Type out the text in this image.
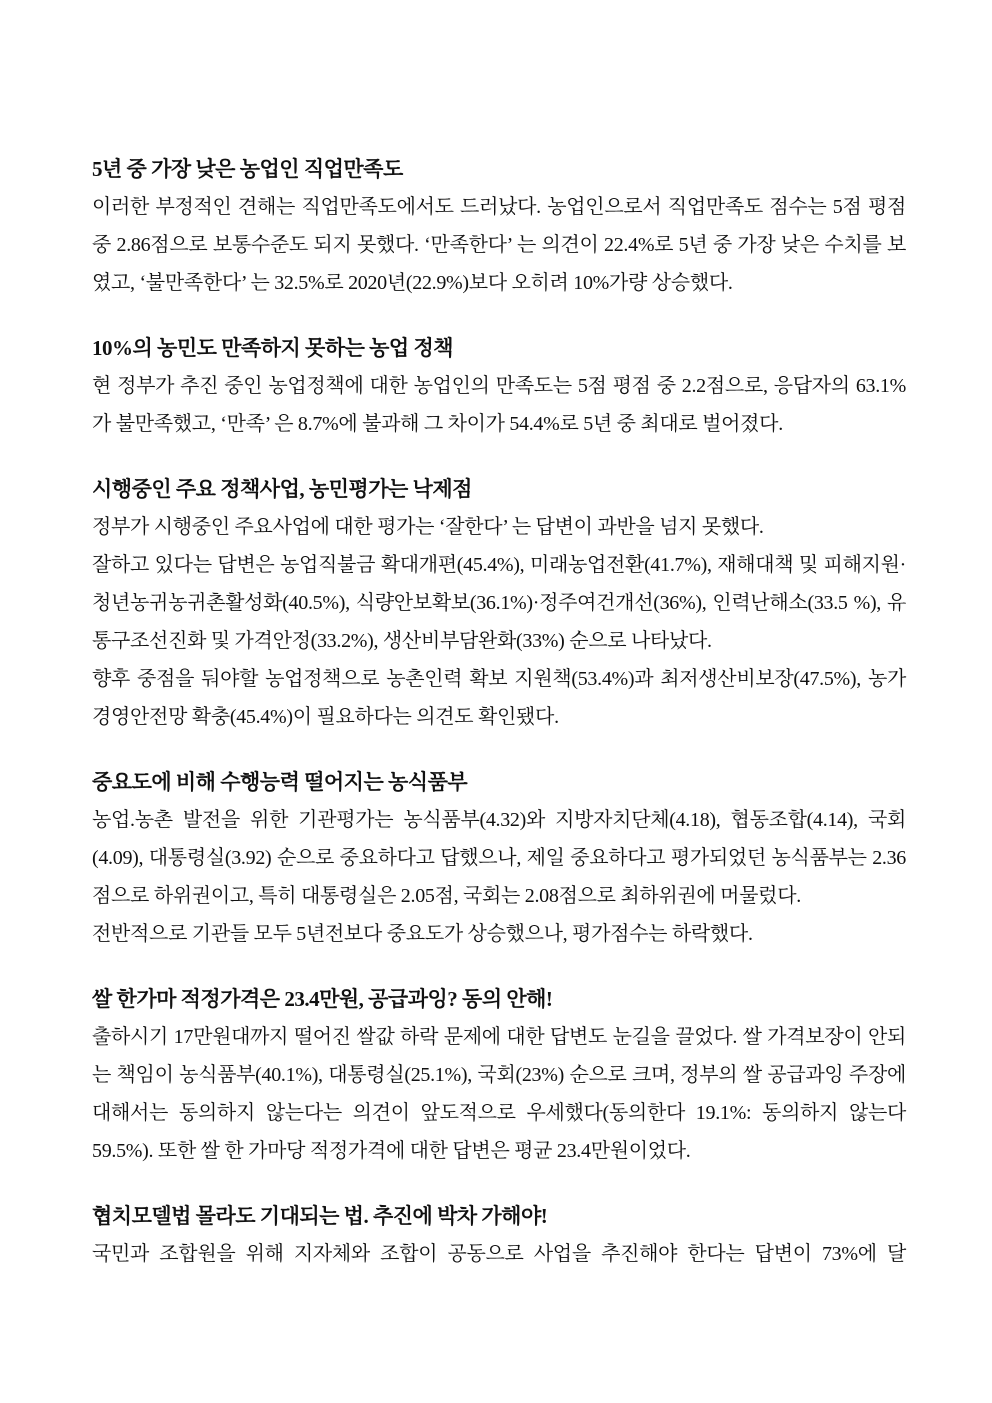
5년 중 가장 낮은 농업인 직업만족도

이러한 부정적인 견해는 직업만족도에서도 드러났다. 농업인으로서 직업만족도 점수는 5점 평점 중 2.86점으로 보통수준도 되지 못했다. ‘만족한다’ 는 의견이 22.4%로 5년 중 가장 낮은 수치를 보였고, ‘불만족한다’ 는 32.5%로 2020년(22.9%)보다 오히려 10%가량 상승했다.

10%의 농민도 만족하지 못하는 농업 정책

현 정부가 추진 중인 농업정책에 대한 농업인의 만족도는 5점 평점 중 2.2점으로, 응답자의 63.1%가 불만족했고, ‘만족’ 은 8.7%에 불과해 그 차이가 54.4%로 5년 중 최대로 벌어졌다.

시행중인 주요 정책사업, 농민평가는 낙제점

정부가 시행중인 주요사업에 대한 평가는 ‘잘한다’ 는 답변이 과반을 넘지 못했다.

잘하고 있다는 답변은 농업직불금 확대개편(45.4%), 미래농업전환(41.7%), 재해대책 및 피해지원·청년농귀농귀촌활성화(40.5%), 식량안보확보(36.1%)·정주여건개선(36%), 인력난해소(33.5 %), 유통구조선진화 및 가격안정(33.2%), 생산비부담완화(33%) 순으로 나타났다.

향후 중점을 둬야할 농업정책으로 농촌인력 확보 지원책(53.4%)과 최저생산비보장(47.5%), 농가경영안전망 확충(45.4%)이 필요하다는 의견도 확인됐다.

중요도에 비해 수행능력 떨어지는 농식품부

농업.농촌 발전을 위한 기관평가는 농식품부(4.32)와 지방자치단체(4.18), 협동조합(4.14), 국회(4.09), 대통령실(3.92) 순으로 중요하다고 답했으나, 제일 중요하다고 평가되었던 농식품부는 2.36점으로 하위권이고, 특히 대통령실은 2.05점, 국회는 2.08점으로 최하위권에 머물렀다.

전반적으로 기관들 모두 5년전보다 중요도가 상승했으나, 평가점수는 하락했다.

쌀 한가마 적정가격은 23.4만원, 공급과잉? 동의 안해!

출하시기 17만원대까지 떨어진 쌀값 하락 문제에 대한 답변도 눈길을 끌었다. 쌀 가격보장이 안되는 책임이 농식품부(40.1%), 대통령실(25.1%), 국회(23%) 순으로 크며, 정부의 쌀 공급과잉 주장에 대해서는 동의하지 않는다는 의견이 앞도적으로 우세했다(동의한다 19.1%: 동의하지 않는다 59.5%). 또한 쌀 한 가마당 적정가격에 대한 답변은 평균 23.4만원이었다.

협치모델법 몰라도 기대되는 법. 추진에 박차 가해야!

국민과 조합원을 위해 지자체와 조합이 공동으로 사업을 추진해야 한다는 답변이 73%에 달
